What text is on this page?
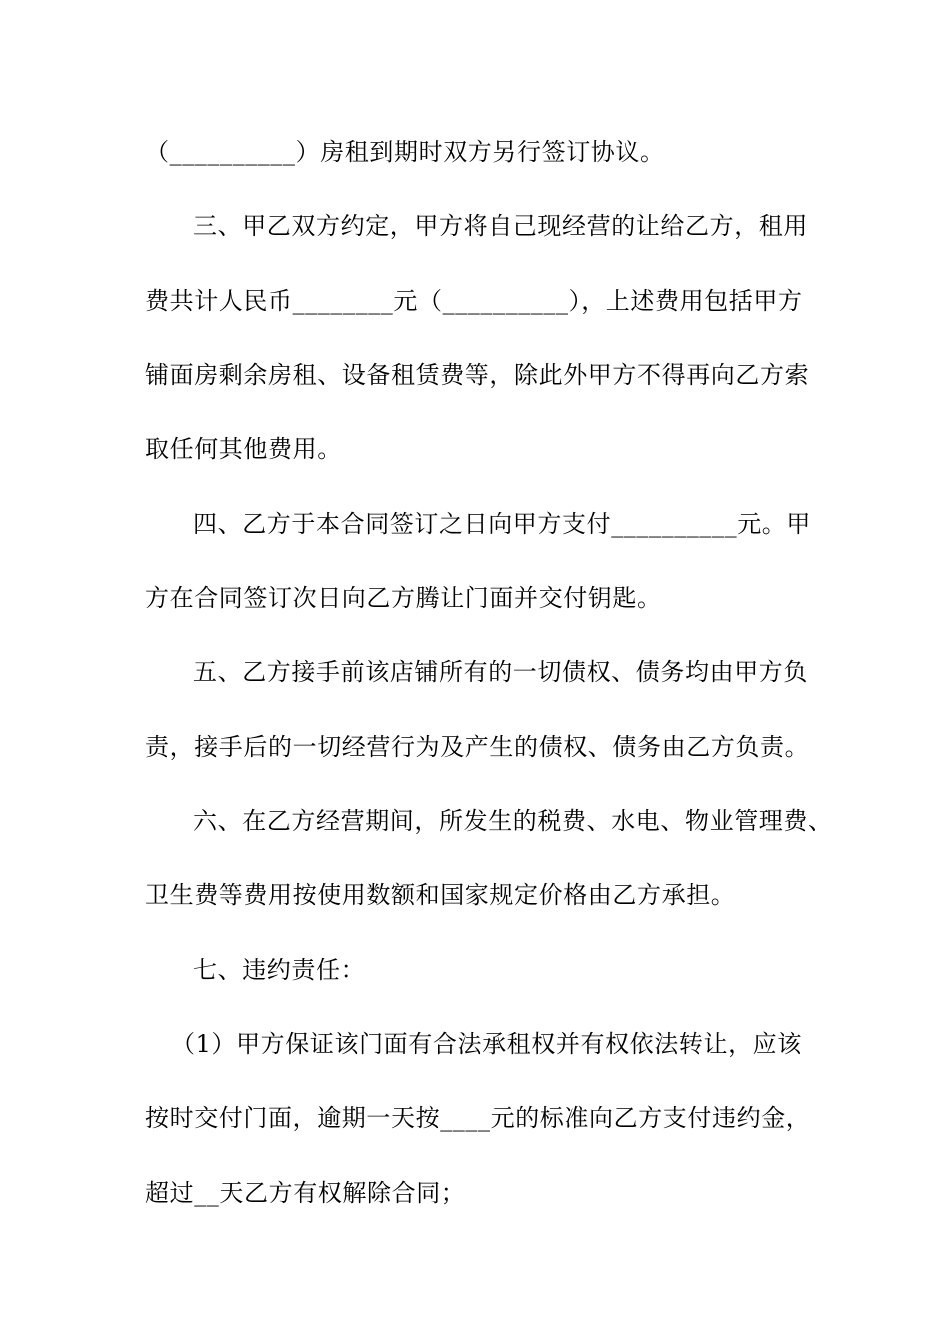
（__________）房租到期时双方另行签订协议。
三、甲乙双方约定，甲方将自己现经营的让给乙方，租用
费共计人民币________元（__________），上述费用包括甲方
铺面房剩余房租、设备租赁费等，除此外甲方不得再向乙方索
取任何其他费用。
四、乙方于本合同签订之日向甲方支付__________元。甲
方在合同签订次日向乙方腾让门面并交付钥匙。
五、乙方接手前该店铺所有的一切债权、债务均由甲方负
责，接手后的一切经营行为及产生的债权、债务由乙方负责。
六、在乙方经营期间，所发生的税费、水电、物业管理费、
卫生费等费用按使用数额和国家规定价格由乙方承担。
七、违约责任：
（1）甲方保证该门面有合法承租权并有权依法转让，应该
按时交付门面，逾期一天按____元的标准向乙方支付违约金，
超过__天乙方有权解除合同；
